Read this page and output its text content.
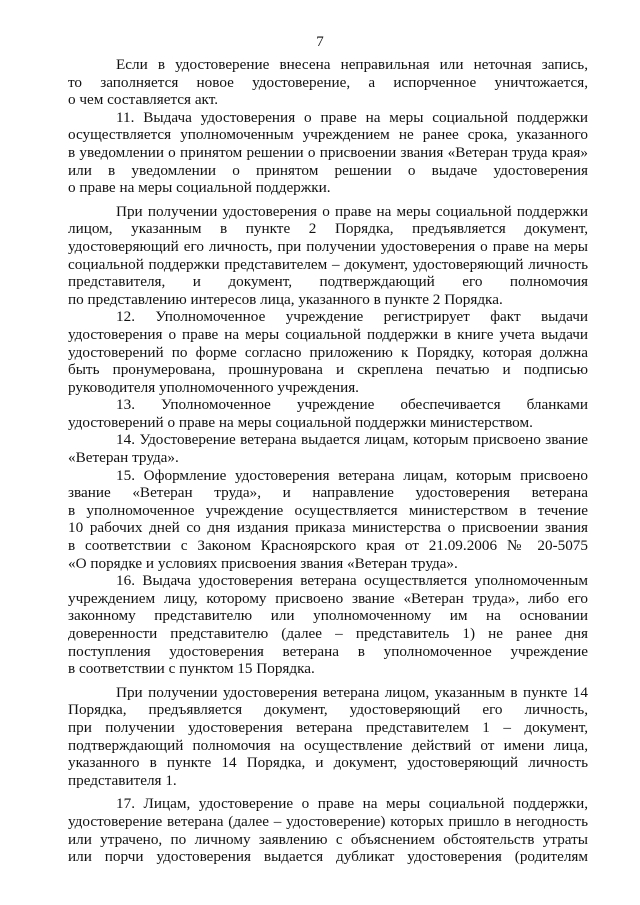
7
Если в удостоверение внесена неправильная или неточная запись,
то заполняется новое удостоверение, а испорченное уничтожается,
о чем составляется акт.
11. Выдача удостоверения о праве на меры социальной поддержки
осуществляется уполномоченным учреждением не ранее срока, указанного
в уведомлении о принятом решении о присвоении звания «Ветеран труда края»
или в уведомлении о принятом решении о выдаче удостоверения
о праве на меры социальной поддержки.
При получении удостоверения о праве на меры социальной поддержки
лицом, указанным в пункте 2 Порядка, предъявляется документ,
удостоверяющий его личность, при получении удостоверения о праве на меры
социальной поддержки представителем – документ, удостоверяющий личность
представителя, и документ, подтверждающий его полномочия
по представлению интересов лица, указанного в пункте 2 Порядка.
12. Уполномоченное учреждение регистрирует факт выдачи
удостоверения о праве на меры социальной поддержки в книге учета выдачи
удостоверений по форме согласно приложению к Порядку, которая должна
быть пронумерована, прошнурована и скреплена печатью и подписью
руководителя уполномоченного учреждения.
13. Уполномоченное учреждение обеспечивается бланками
удостоверений о праве на меры социальной поддержки министерством.
14. Удостоверение ветерана выдается лицам, которым присвоено звание
«Ветеран труда».
15. Оформление удостоверения ветерана лицам, которым присвоено
звание «Ветеран труда», и направление удостоверения ветерана
в уполномоченное учреждение осуществляется министерством в течение
10 рабочих дней со дня издания приказа министерства о присвоении звания
в соответствии с Законом Красноярского края от 21.09.2006 № 20-5075
«О порядке и условиях присвоения звания «Ветеран труда».
16. Выдача удостоверения ветерана осуществляется уполномоченным
учреждением лицу, которому присвоено звание «Ветеран труда», либо его
законному представителю или уполномоченному им на основании
доверенности представителю (далее – представитель 1) не ранее дня
поступления удостоверения ветерана в уполномоченное учреждение
в соответствии с пунктом 15 Порядка.
При получении удостоверения ветерана лицом, указанным в пункте 14
Порядка, предъявляется документ, удостоверяющий его личность,
при получении удостоверения ветерана представителем 1 – документ,
подтверждающий полномочия на осуществление действий от имени лица,
указанного в пункте 14 Порядка, и документ, удостоверяющий личность
представителя 1.
17. Лицам, удостоверение о праве на меры социальной поддержки,
удостоверение ветерана (далее – удостоверение) которых пришло в негодность
или утрачено, по личному заявлению с объяснением обстоятельств утраты
или порчи удостоверения выдается дубликат удостоверения (родителям
